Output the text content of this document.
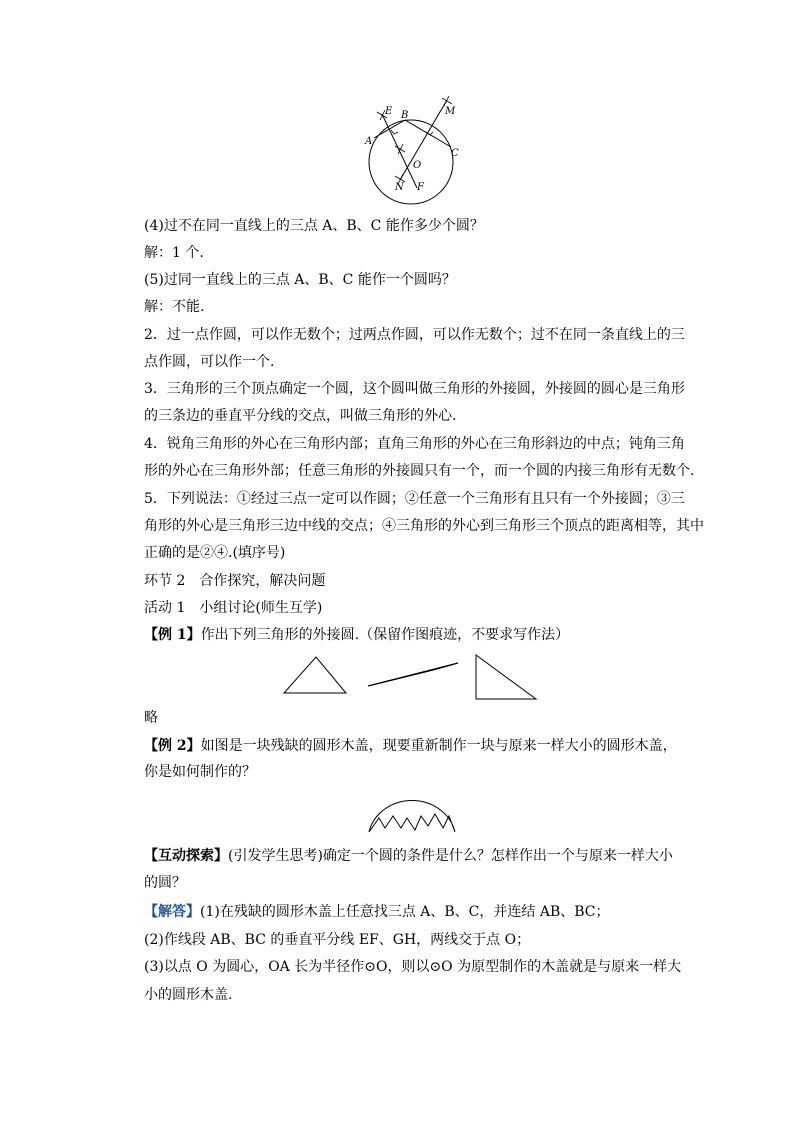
E B	M
A
O
C
N F
(4)过不在同一直线上的三点 A、B、C 能作多少个圆？
解：1 个.
(5)过同一直线上的三点 A、B、C 能作一个圆吗？
解：不能.
2．过一点作圆，可以作无数个；过两点作圆，可以作无数个；过不在同一条直线上的三
点作圆，可以作一个.
3．三角形的三个顶点确定一个圆，这个圆叫做三角形的外接圆，外接圆的圆心是三角形
的三条边的垂直平分线的交点，叫做三角形的外心.
4．锐角三角形的外心在三角形内部；直角三角形的外心在三角形斜边的中点；钝角三角
形的外心在三角形外部；任意三角形的外接圆只有一个，而一个圆的内接三角形有无数个.
5．下列说法：①经过三点一定可以作圆；②任意一个三角形有且只有一个外接圆；③三
角形的外心是三角形三边中线的交点；④三角形的外心到三角形三个顶点的距离相等，其中
正确的是②④.(填序号)
环节 2　合作探究，解决问题
活动 1　小组讨论(师生互学)
【例 1】作出下列三角形的外接圆.（保留作图痕迹，不要求写作法）
略
【例 2】如图是一块残缺的圆形木盖，现要重新制作一块与原来一样大小的圆形木盖，
你是如何制作的？
【互动探索】(引发学生思考)确定一个圆的条件是什么？怎样作出一个与原来一样大小
的圆？
【解答】(1)在残缺的圆形木盖上任意找三点 A、B、C，并连结 AB、BC；
(2)作线段 AB、BC 的垂直平分线 EF、GH，两线交于点 O；
(3)以点 O 为圆心，OA 长为半径作⊙O，则以⊙O 为原型制作的木盖就是与原来一样大
小的圆形木盖.
